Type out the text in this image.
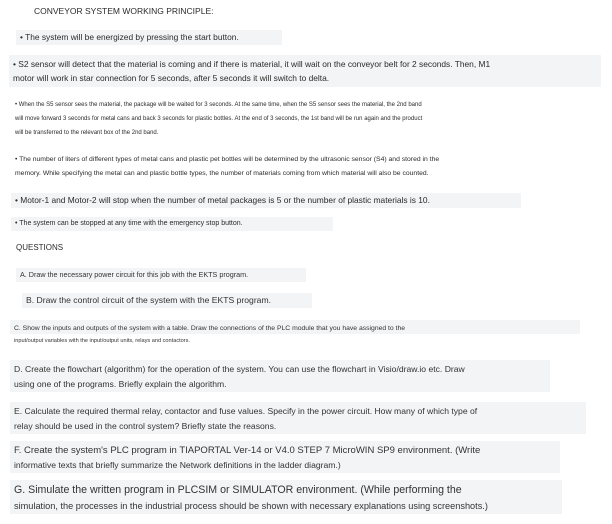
CONVEYOR SYSTEM WORKING PRINCIPLE:
• The system will be energized by pressing the start button.
• S2 sensor will detect that the material is coming and if there is material, it will wait on the conveyor belt for 2 seconds. Then, M1
motor will work in star connection for 5 seconds, after 5 seconds it will switch to delta.
• When the S5 sensor sees the material, the package will be waited for 3 seconds. At the same time, when the S5 sensor sees the material, the 2nd band
will move forward 3 seconds for metal cans and back 3 seconds for plastic bottles. At the end of 3 seconds, the 1st band will be run again and the product
will be transferred to the relevant box of the 2nd band.
• The number of liters of different types of metal cans and plastic pet bottles will be determined by the ultrasonic sensor (S4) and stored in the
memory. While specifying the metal can and plastic bottle types, the number of materials coming from which material will also be counted.
• Motor-1 and Motor-2 will stop when the number of metal packages is 5 or the number of plastic materials is 10.
• The system can be stopped at any time with the emergency stop button.
QUESTIONS
A. Draw the necessary power circuit for this job with the EKTS program.
B. Draw the control circuit of the system with the EKTS program.
C. Show the inputs and outputs of the system with a table. Draw the connections of the PLC module that you have assigned to the
input/output variables with the input/output units, relays and contactors.
D. Create the flowchart (algorithm) for the operation of the system. You can use the flowchart in Visio/draw.io etc. Draw
using one of the programs. Briefly explain the algorithm.
E. Calculate the required thermal relay, contactor and fuse values. Specify in the power circuit. How many of which type of
relay should be used in the control system? Briefly state the reasons.
F. Create the system's PLC program in TIAPORTAL Ver-14 or V4.0 STEP 7 MicroWIN SP9 environment. (Write
informative texts that briefly summarize the Network definitions in the ladder diagram.)
G. Simulate the written program in PLCSIM or SIMULATOR environment. (While performing the
simulation, the processes in the industrial process should be shown with necessary explanations using screenshots.)
